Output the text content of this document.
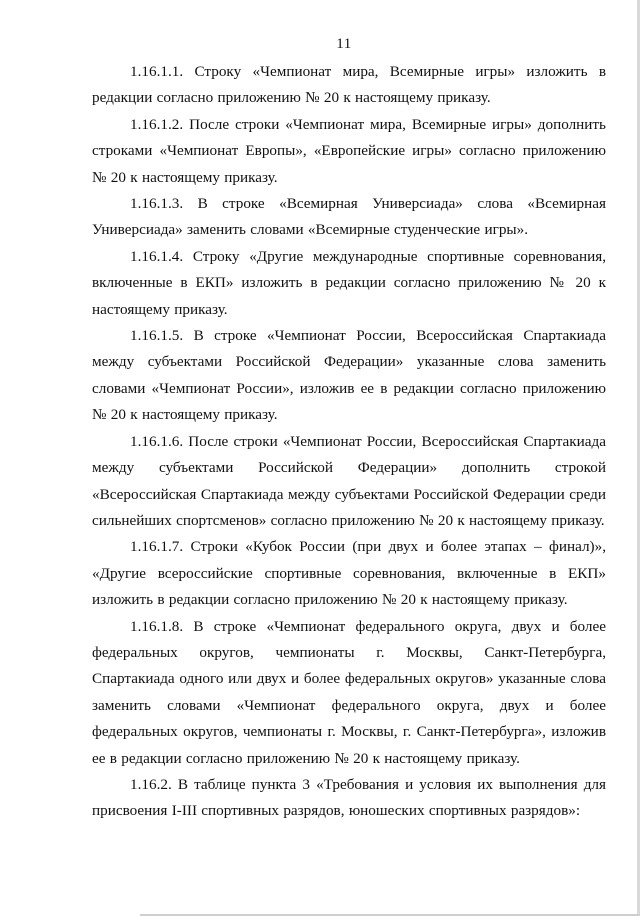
11

1.16.1.1. Строку «Чемпионат мира, Всемирные игры» изложить в редакции согласно приложению № 20 к настоящему приказу.

1.16.1.2. После строки «Чемпионат мира, Всемирные игры» дополнить строками «Чемпионат Европы», «Европейские игры» согласно приложению № 20 к настоящему приказу.

1.16.1.3. В строке «Всемирная Универсиада» слова «Всемирная Универсиада» заменить словами «Всемирные студенческие игры».

1.16.1.4. Строку «Другие международные спортивные соревнования, включенные в ЕКП» изложить в редакции согласно приложению № 20 к настоящему приказу.

1.16.1.5. В строке «Чемпионат России, Всероссийская Спартакиада между субъектами Российской Федерации» указанные слова заменить словами «Чемпионат России», изложив ее в редакции согласно приложению № 20 к настоящему приказу.

1.16.1.6. После строки «Чемпионат России, Всероссийская Спартакиада между субъектами Российской Федерации» дополнить строкой «Всероссийская Спартакиада между субъектами Российской Федерации среди сильнейших спортсменов» согласно приложению № 20 к настоящему приказу.

1.16.1.7. Строки «Кубок России (при двух и более этапах – финал)», «Другие всероссийские спортивные соревнования, включенные в ЕКП» изложить в редакции согласно приложению № 20 к настоящему приказу.

1.16.1.8. В строке «Чемпионат федерального округа, двух и более федеральных округов, чемпионаты г. Москвы, Санкт-Петербурга, Спартакиада одного или двух и более федеральных округов» указанные слова заменить словами «Чемпионат федерального округа, двух и более федеральных округов, чемпионаты г. Москвы, г. Санкт-Петербурга», изложив ее в редакции согласно приложению № 20 к настоящему приказу.

1.16.2. В таблице пункта 3 «Требования и условия их выполнения для присвоения I-III спортивных разрядов, юношеских спортивных разрядов»:
